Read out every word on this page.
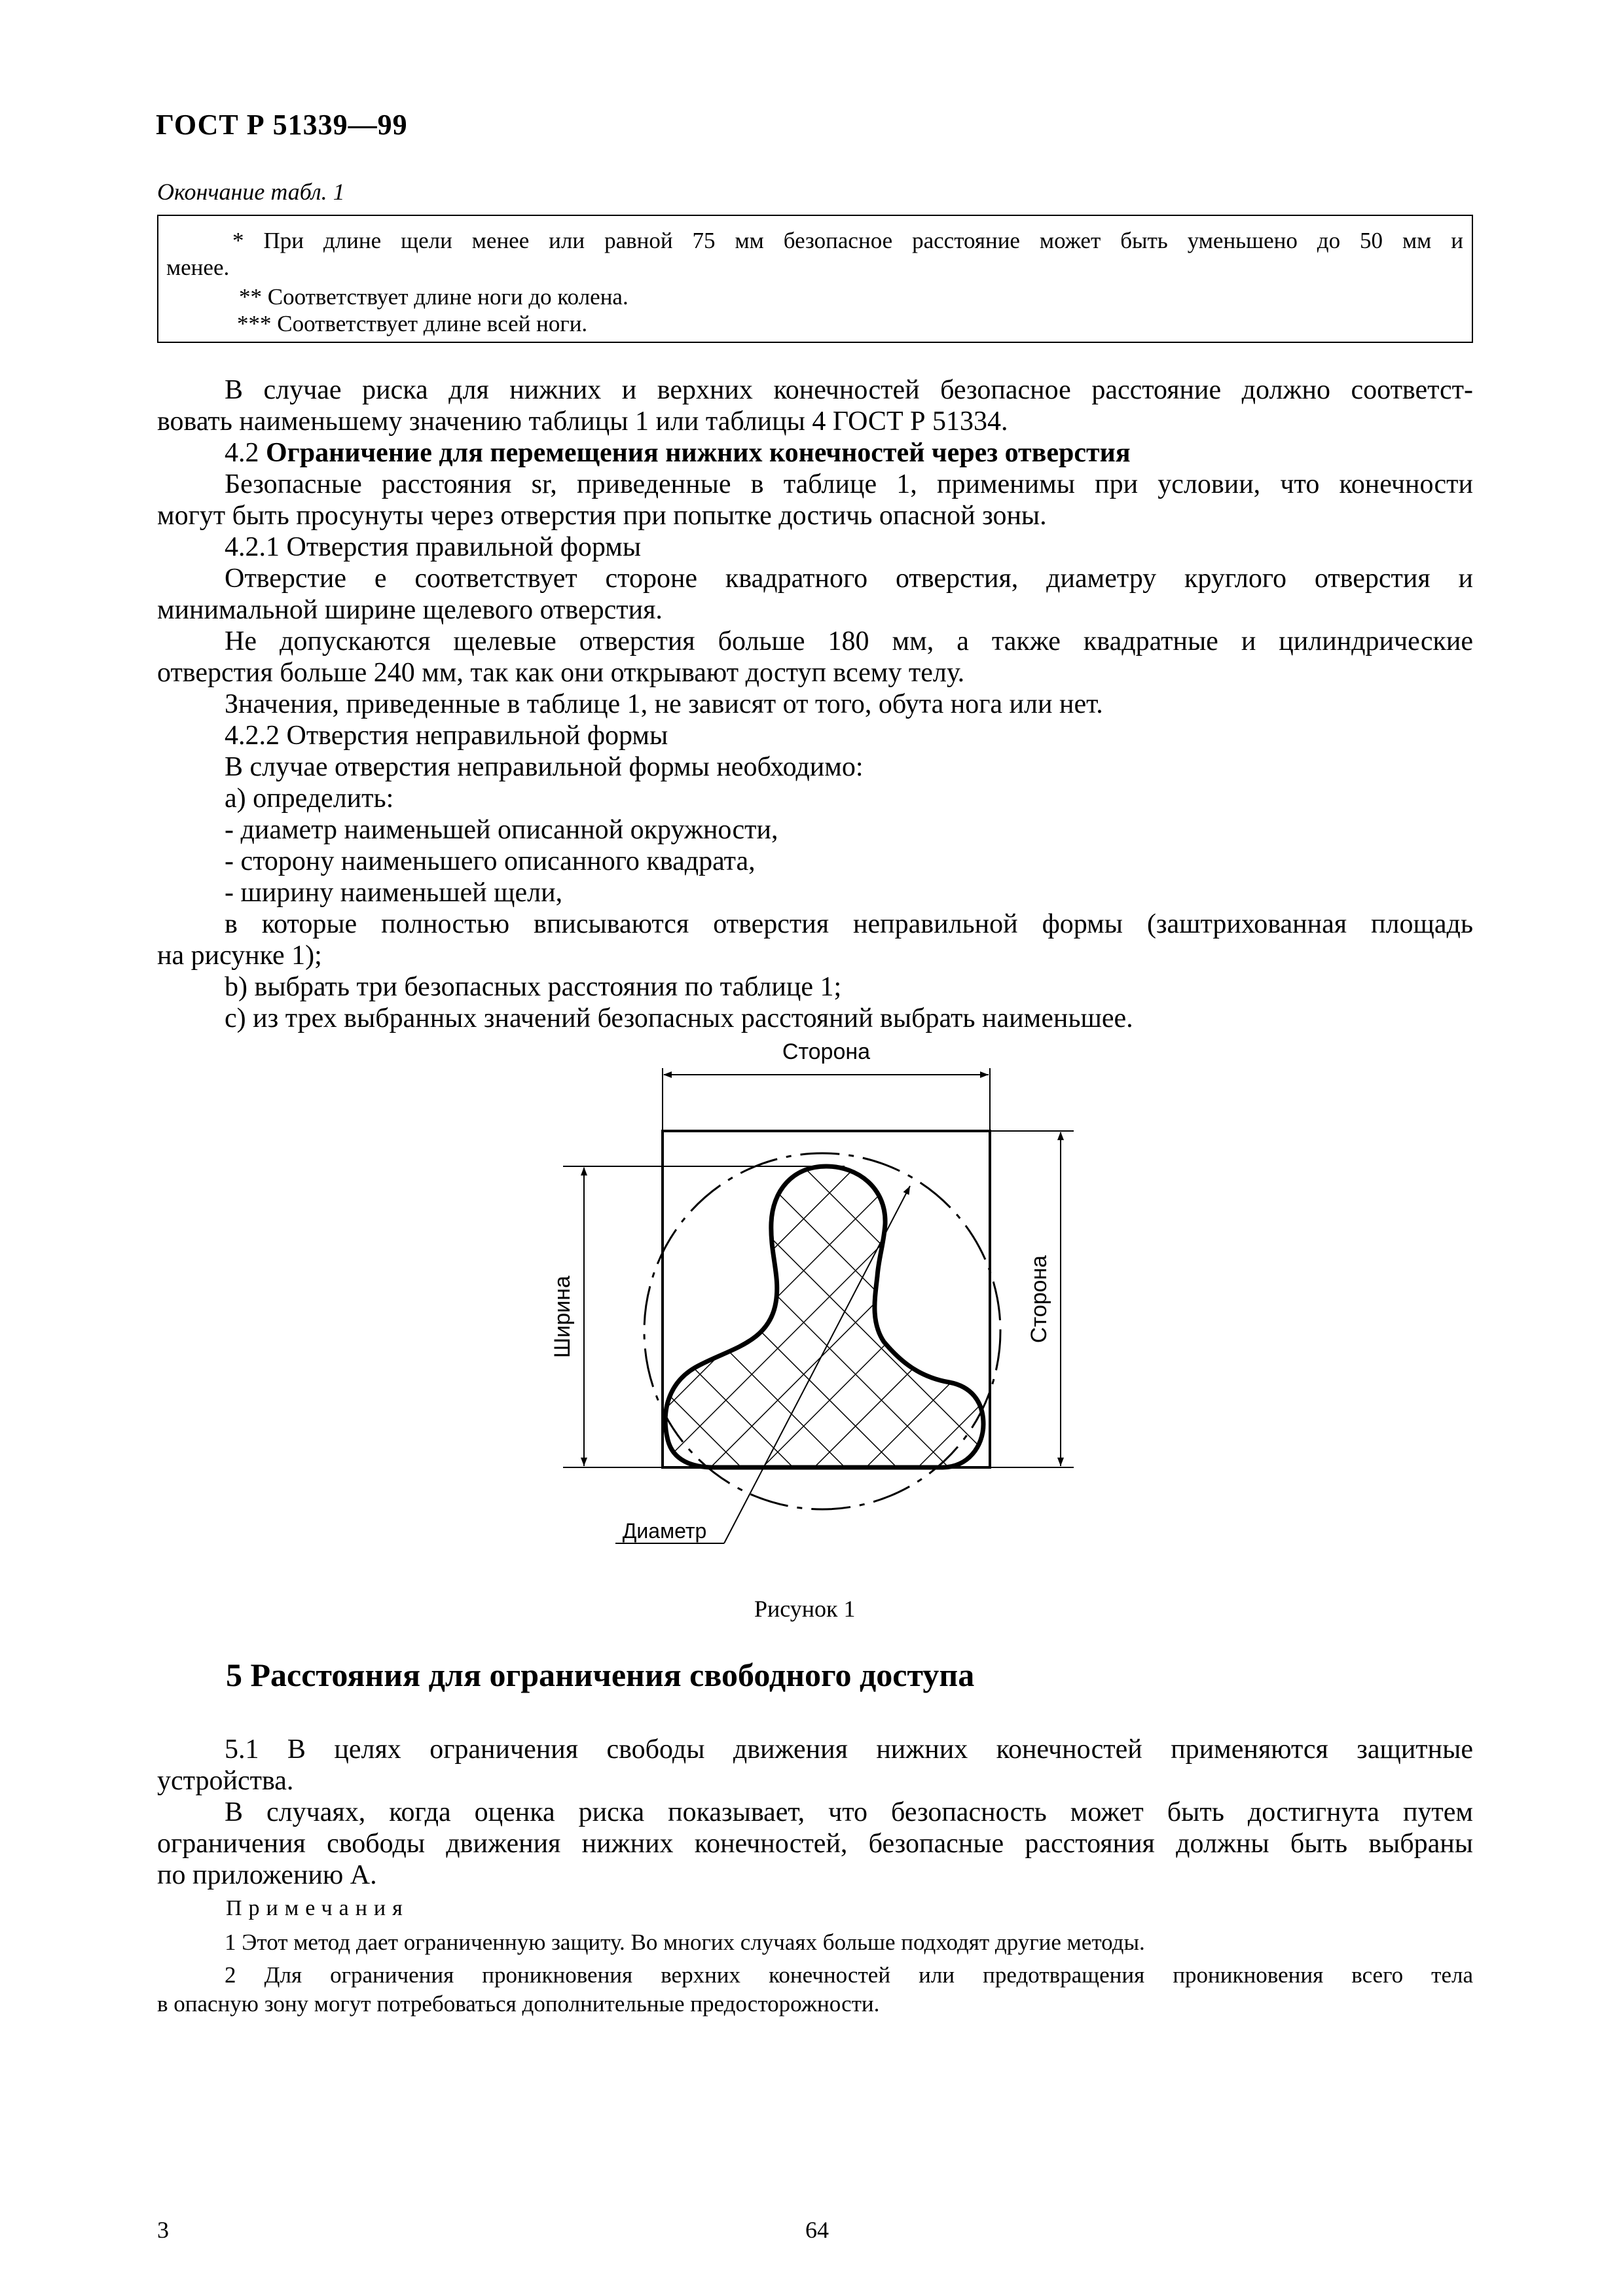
ГОСТ Р 51339—99
Окончание табл. 1
* При длине щели менее или равной 75 мм безопасное расстояние может быть уменьшено до 50 мм и
менее.
** Соответствует длине ноги до колена.
*** Соответствует длине всей ноги.
В случае риска для нижних и верхних конечностей безопасное расстояние должно соответст-
вовать наименьшему значению таблицы 1 или таблицы 4 ГОСТ Р 51334.
4.2 Ограничение для перемещения нижних конечностей через отверстия
Безопасные расстояния sr, приведенные в таблице 1, применимы при условии, что конечности
могут быть просунуты через отверстия при попытке достичь опасной зоны.
4.2.1 Отверстия правильной формы
Отверстие e соответствует стороне квадратного отверстия, диаметру круглого отверстия и
минимальной ширине щелевого отверстия.
Не допускаются щелевые отверстия больше 180 мм, а также квадратные и цилиндрические
отверстия больше 240 мм, так как они открывают доступ всему телу.
Значения, приведенные в таблице 1, не зависят от того, обута нога или нет.
4.2.2 Отверстия неправильной формы
В случае отверстия неправильной формы необходимо:
а) определить:
- диаметр наименьшей описанной окружности,
- сторону наименьшего описанного квадрата,
- ширину наименьшей щели,
в которые полностью вписываются отверстия неправильной формы (заштрихованная площадь
на рисунке 1);
b) выбрать три безопасных расстояния по таблице 1;
с) из трех выбранных значений безопасных расстояний выбрать наименьшее.
Сторона
Сторона
Ширина
Диаметр
Рисунок 1
5 Расстояния для ограничения свободного доступа
5.1 В целях ограничения свободы движения нижних конечностей применяются защитные
устройства.
В случаях, когда оценка риска показывает, что безопасность может быть достигнута путем
ограничения свободы движения нижних конечностей, безопасные расстояния должны быть выбраны
по приложению А.
Примечания
1 Этот метод дает ограниченную защиту. Во многих случаях больше подходят другие методы.
2 Для ограничения проникновения верхних конечностей или предотвращения проникновения всего тела
в опасную зону могут потребоваться дополнительные предосторожности.
3	64
